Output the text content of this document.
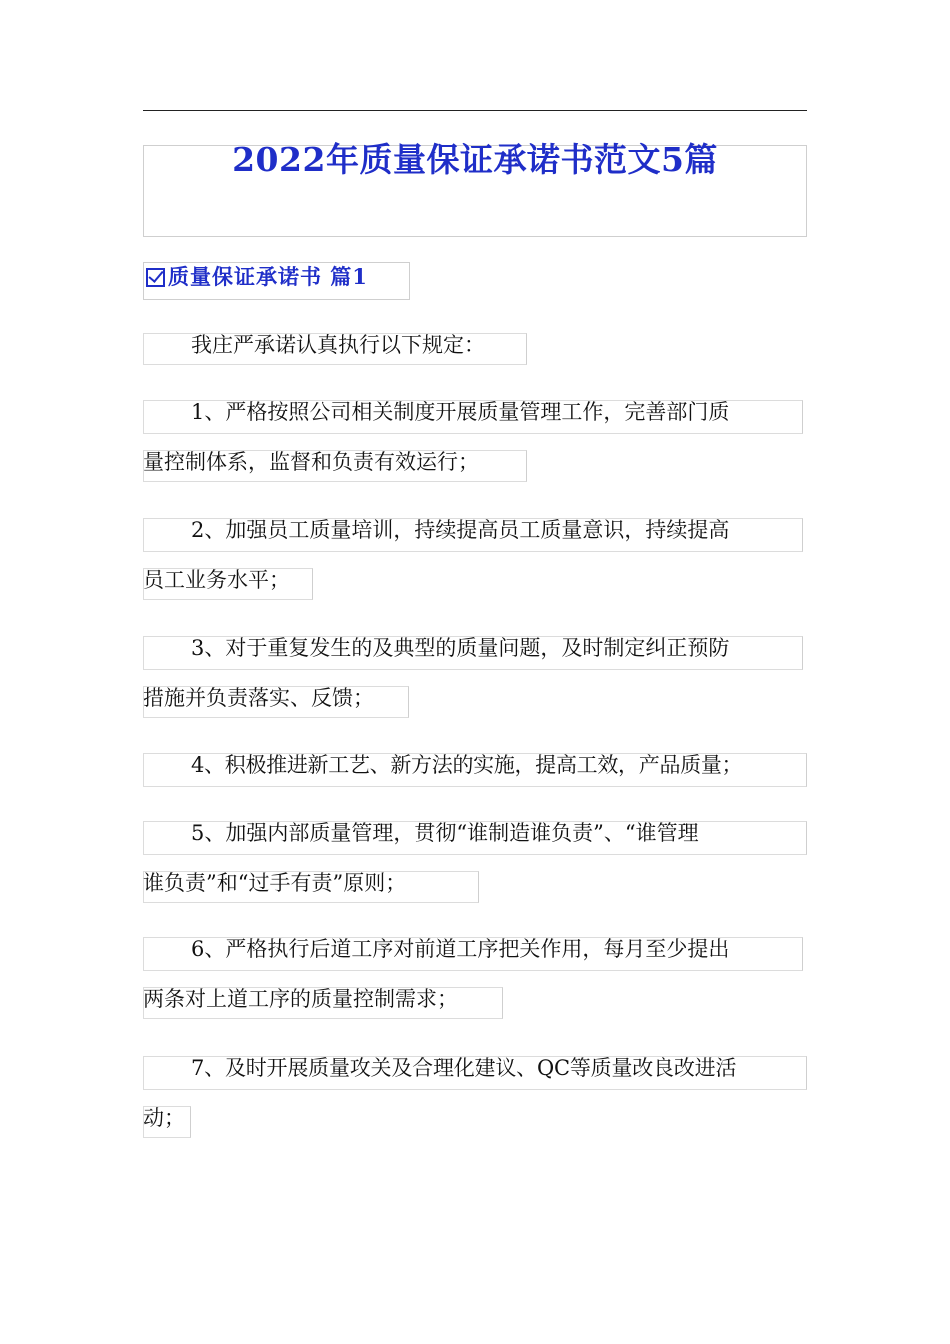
2022年质量保证承诺书范文5篇
质量保证承诺书 篇1
我庄严承诺认真执行以下规定：
1、严格按照公司相关制度开展质量管理工作，完善部门质
量控制体系，监督和负责有效运行；
2、加强员工质量培训，持续提高员工质量意识，持续提高
员工业务水平；
3、对于重复发生的及典型的质量问题，及时制定纠正预防
措施并负责落实、反馈；
4、积极推进新工艺、新方法的实施，提高工效，产品质量；
5、加强内部质量管理，贯彻“谁制造谁负责”、“谁管理
谁负责”和“过手有责”原则；
6、严格执行后道工序对前道工序把关作用，每月至少提出
两条对上道工序的质量控制需求；
7、及时开展质量攻关及合理化建议、QC等质量改良改进活
动；
